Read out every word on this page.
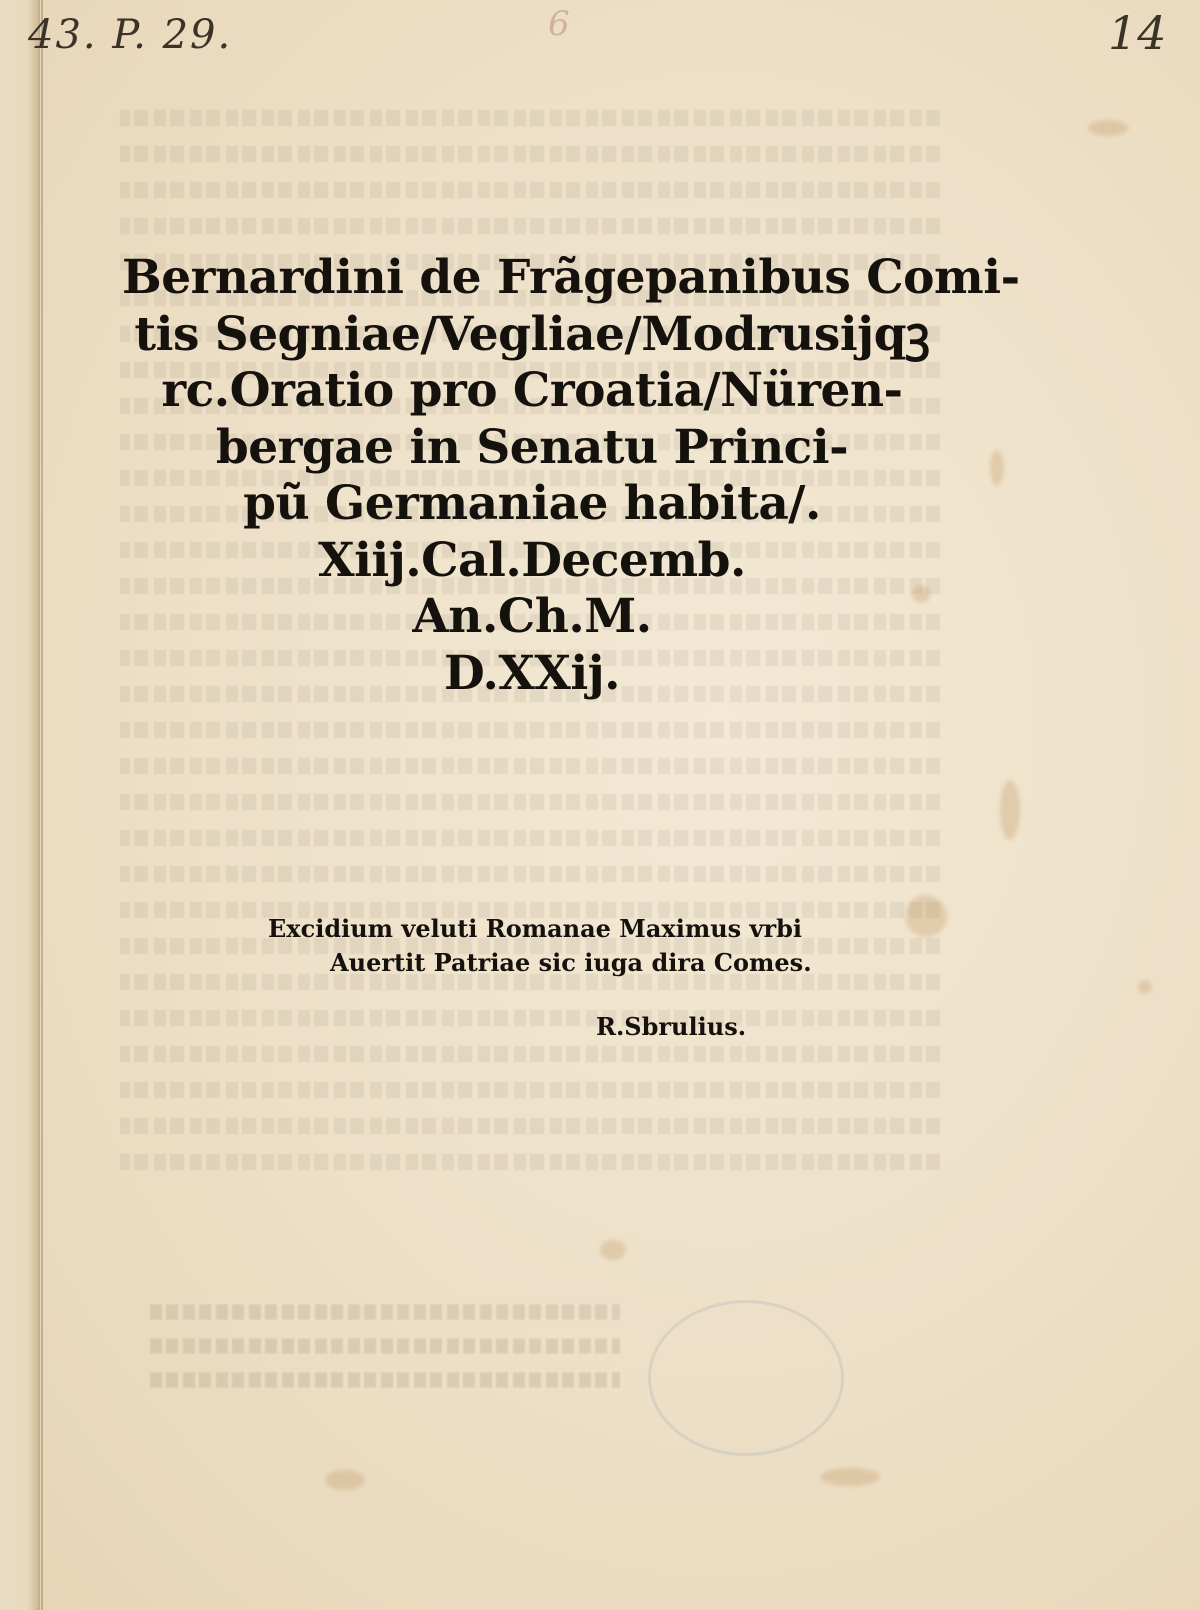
43. P. 29.	6	14
Bernardini de Frãgepanibus Comi-
tis Segniae/Vegliae/Modrusijqꝫ
rc.Oratio pro Croatia/Nüren-
bergae in Senatu Princi-
pũ Germaniae habita/.
Xiij.Cal.Decemb.
An.Ch.M.
D.XXij.
Excidium veluti Romanae Maximus vrbi
Auertit Patriae sic iuga dira Comes.
R.Sbrulius.
